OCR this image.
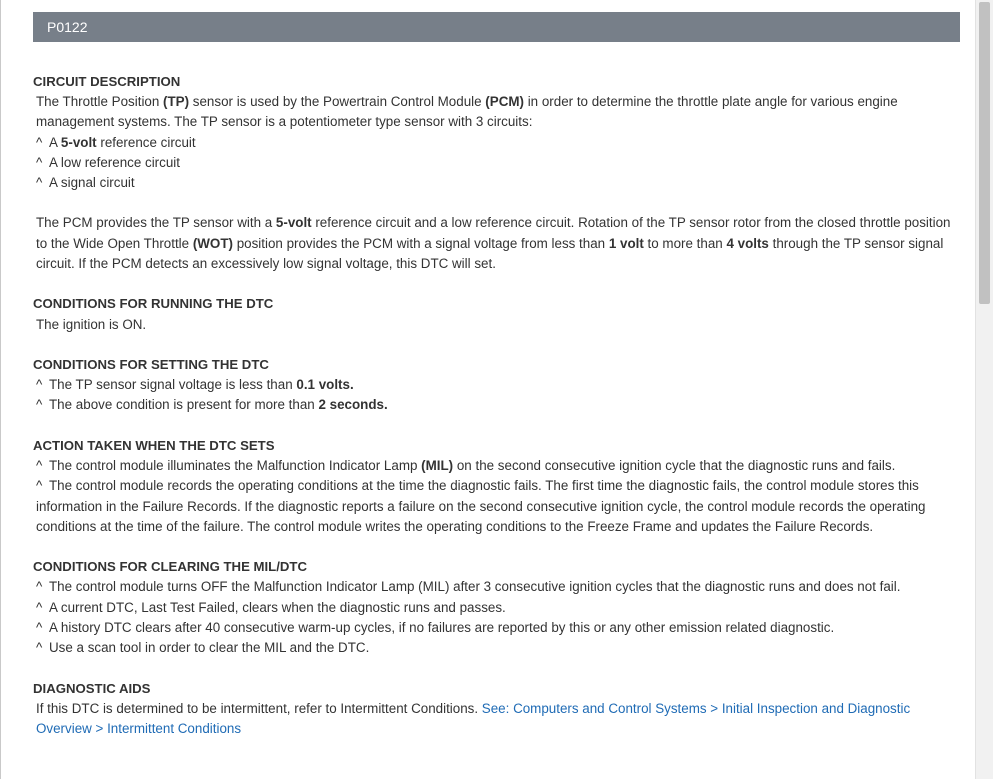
P0122
CIRCUIT DESCRIPTION
The Throttle Position (TP) sensor is used by the Powertrain Control Module (PCM) in order to determine the throttle plate angle for various engine management systems. The TP sensor is a potentiometer type sensor with 3 circuits:
^ A 5-volt reference circuit
^ A low reference circuit
^ A signal circuit
The PCM provides the TP sensor with a 5-volt reference circuit and a low reference circuit. Rotation of the TP sensor rotor from the closed throttle position to the Wide Open Throttle (WOT) position provides the PCM with a signal voltage from less than 1 volt to more than 4 volts through the TP sensor signal circuit. If the PCM detects an excessively low signal voltage, this DTC will set.
CONDITIONS FOR RUNNING THE DTC
The ignition is ON.
CONDITIONS FOR SETTING THE DTC
^ The TP sensor signal voltage is less than 0.1 volts.
^ The above condition is present for more than 2 seconds.
ACTION TAKEN WHEN THE DTC SETS
^ The control module illuminates the Malfunction Indicator Lamp (MIL) on the second consecutive ignition cycle that the diagnostic runs and fails.
^ The control module records the operating conditions at the time the diagnostic fails. The first time the diagnostic fails, the control module stores this information in the Failure Records. If the diagnostic reports a failure on the second consecutive ignition cycle, the control module records the operating conditions at the time of the failure. The control module writes the operating conditions to the Freeze Frame and updates the Failure Records.
CONDITIONS FOR CLEARING THE MIL/DTC
^ The control module turns OFF the Malfunction Indicator Lamp (MIL) after 3 consecutive ignition cycles that the diagnostic runs and does not fail.
^ A current DTC, Last Test Failed, clears when the diagnostic runs and passes.
^ A history DTC clears after 40 consecutive warm-up cycles, if no failures are reported by this or any other emission related diagnostic.
^ Use a scan tool in order to clear the MIL and the DTC.
DIAGNOSTIC AIDS
If this DTC is determined to be intermittent, refer to Intermittent Conditions. See: Computers and Control Systems > Initial Inspection and Diagnostic Overview > Intermittent Conditions
